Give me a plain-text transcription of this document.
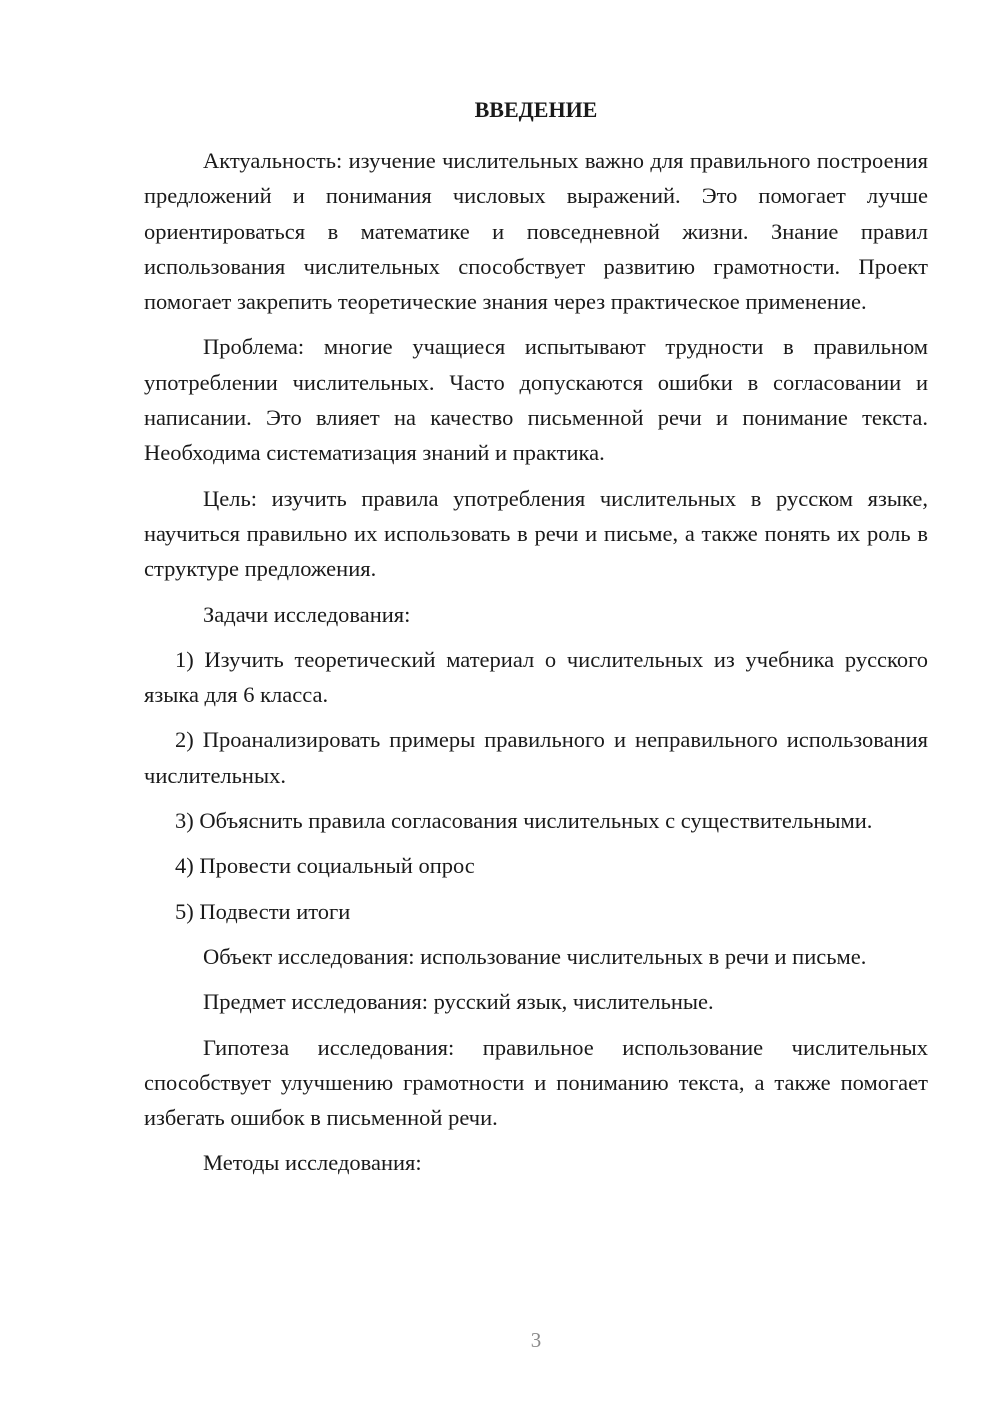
ВВЕДЕНИЕ

Актуальность: изучение числительных важно для правильного построения предложений и понимания числовых выражений. Это помогает лучше ориентироваться в математике и повседневной жизни. Знание правил использования числительных способствует развитию грамотности. Проект помогает закрепить теоретические знания через практическое применение.

Проблема: многие учащиеся испытывают трудности в правильном употреблении числительных. Часто допускаются ошибки в согласовании и написании. Это влияет на качество письменной речи и понимание текста. Необходима систематизация знаний и практика.

Цель: изучить правила употребления числительных в русском языке, научиться правильно их использовать в речи и письме, а также понять их роль в структуре предложения.

Задачи исследования:

1) Изучить теоретический материал о числительных из учебника русского языка для 6 класса.

2) Проанализировать примеры правильного и неправильного использования числительных.

3) Объяснить правила согласования числительных с существительными.

4) Провести социальный опрос

5) Подвести итоги

Объект исследования: использование числительных в речи и письме.

Предмет исследования: русский язык, числительные.

Гипотеза исследования: правильное использование числительных способствует улучшению грамотности и пониманию текста, а также помогает избегать ошибок в письменной речи.

Методы исследования:

3
